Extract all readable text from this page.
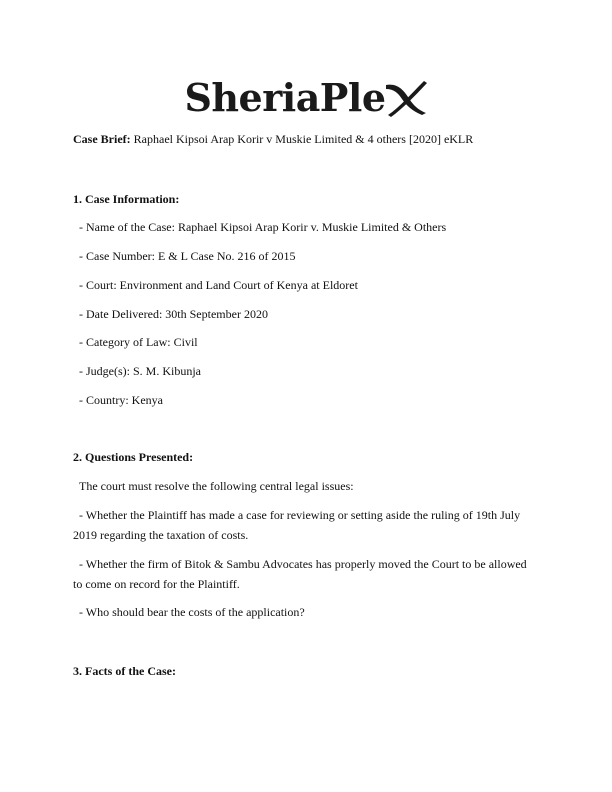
SheriaPle
Case Brief: Raphael Kipsoi Arap Korir v Muskie Limited & 4 others [2020] eKLR
1. Case Information:
- Name of the Case: Raphael Kipsoi Arap Korir v. Muskie Limited & Others
- Case Number: E & L Case No. 216 of 2015
- Court: Environment and Land Court of Kenya at Eldoret
- Date Delivered: 30th September 2020
- Category of Law: Civil
- Judge(s): S. M. Kibunja
- Country: Kenya
2. Questions Presented:
The court must resolve the following central legal issues:
- Whether the Plaintiff has made a case for reviewing or setting aside the ruling of 19th July
2019 regarding the taxation of costs.
- Whether the firm of Bitok & Sambu Advocates has properly moved the Court to be allowed
to come on record for the Plaintiff.
- Who should bear the costs of the application?
3. Facts of the Case:
